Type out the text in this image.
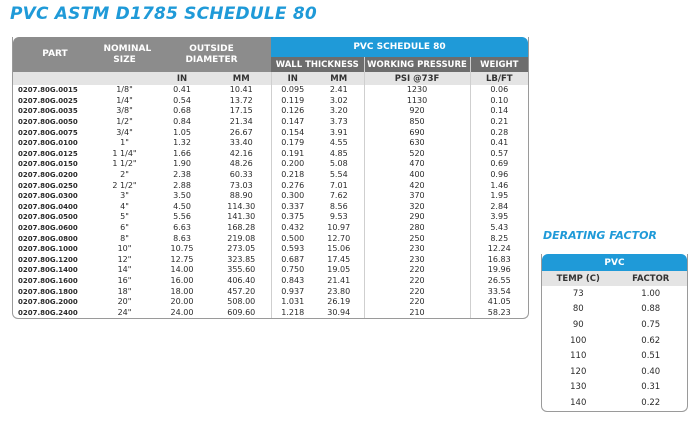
PVC ASTM D1785 SCHEDULE 80
PART	NOMINAL SIZE	OUTSIDE DIAMETER		PVC SCHEDULE 80			
				WALL THICKNESS		WORKING PRESSURE	WEIGHT
		IN	MM	IN	MM	PSI @73F	LB/FT
0207.80G.0015	1/8"	0.41	10.41	0.095	2.41	1230	0.06
0207.80G.0025	1/4"	0.54	13.72	0.119	3.02	1130	0.10
0207.80G.0035	3/8"	0.68	17.15	0.126	3.20	920	0.14
0207.80G.0050	1/2"	0.84	21.34	0.147	3.73	850	0.21
0207.80G.0075	3/4"	1.05	26.67	0.154	3.91	690	0.28
0207.80G.0100	1"	1.32	33.40	0.179	4.55	630	0.41
0207.80G.0125	1 1/4"	1.66	42.16	0.191	4.85	520	0.57
0207.80G.0150	1 1/2"	1.90	48.26	0.200	5.08	470	0.69
0207.80G.0200	2"	2.38	60.33	0.218	5.54	400	0.96
0207.80G.0250	2 1/2"	2.88	73.03	0.276	7.01	420	1.46
0207.80G.0300	3"	3.50	88.90	0.300	7.62	370	1.95
0207.80G.0400	4"	4.50	114.30	0.337	8.56	320	2.84
0207.80G.0500	5"	5.56	141.30	0.375	9.53	290	3.95
0207.80G.0600	6"	6.63	168.28	0.432	10.97	280	5.43
0207.80G.0800	8"	8.63	219.08	0.500	12.70	250	8.25
0207.80G.1000	10"	10.75	273.05	0.593	15.06	230	12.24
0207.80G.1200	12"	12.75	323.85	0.687	17.45	230	16.83
0207.80G.1400	14"	14.00	355.60	0.750	19.05	220	19.96
0207.80G.1600	16"	16.00	406.40	0.843	21.41	220	26.55
0207.80G.1800	18"	18.00	457.20	0.937	23.80	220	33.54
0207.80G.2000	20"	20.00	508.00	1.031	26.19	220	41.05
0207.80G.2400	24"	24.00	609.60	1.218	30.94	210	58.23
DERATING FACTOR
PVC	
TEMP (C)	FACTOR
73	1.00
80	0.88
90	0.75
100	0.62
110	0.51
120	0.40
130	0.31
140	0.22
